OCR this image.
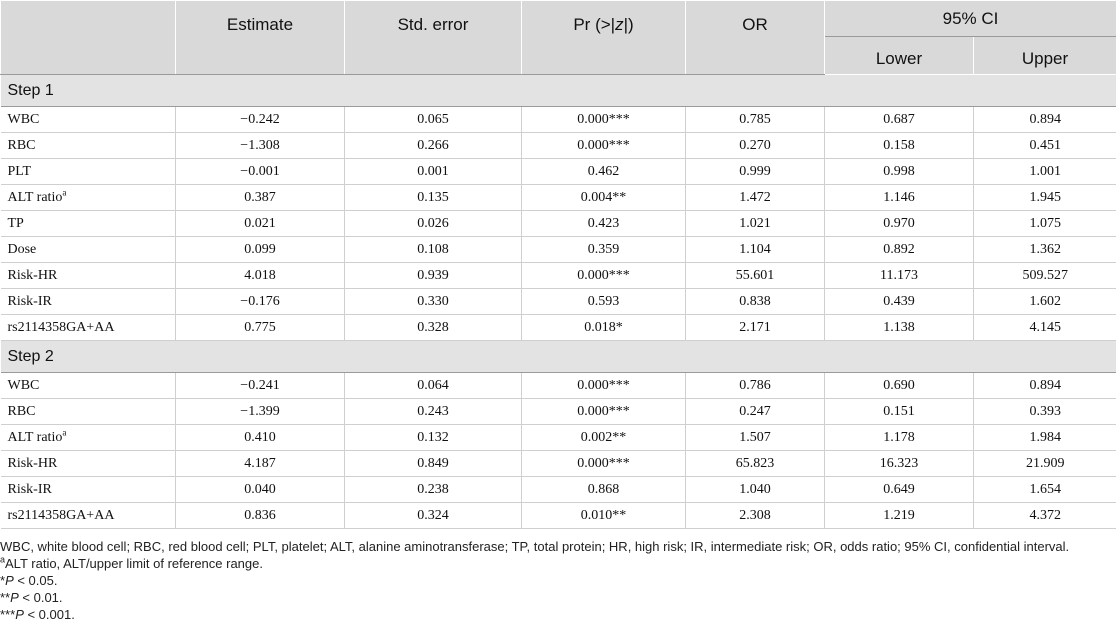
	Estimate	Std. error	Pr (>|z|)	OR	95% CI	
					Lower	Upper
Step 1						
WBC	−0.242	0.065	0.000***	0.785	0.687	0.894
RBC	−1.308	0.266	0.000***	0.270	0.158	0.451
PLT	−0.001	0.001	0.462	0.999	0.998	1.001
ALT ratio$^a$	0.387	0.135	0.004**	1.472	1.146	1.945
TP	0.021	0.026	0.423	1.021	0.970	1.075
Dose	0.099	0.108	0.359	1.104	0.892	1.362
Risk-HR	4.018	0.939	0.000***	55.601	11.173	509.527
Risk-IR	−0.176	0.330	0.593	0.838	0.439	1.602
rs2114358GA+AA	0.775	0.328	0.018*	2.171	1.138	4.145
Step 2						
WBC	−0.241	0.064	0.000***	0.786	0.690	0.894
RBC	−1.399	0.243	0.000***	0.247	0.151	0.393
ALT ratio$^a$	0.410	0.132	0.002**	1.507	1.178	1.984
Risk-HR	4.187	0.849	0.000***	65.823	16.323	21.909
Risk-IR	0.040	0.238	0.868	1.040	0.649	1.654
rs2114358GA+AA	0.836	0.324	0.010**	2.308	1.219	4.372

WBC, white blood cell; RBC, red blood cell; PLT, platelet; ALT, alanine aminotransferase; TP, total protein; HR, high risk; IR, intermediate risk; OR, odds ratio; 95% CI, confidential interval.

$^a$ALT ratio, ALT/upper limit of reference range.

*P < 0.05.

**P < 0.01.

***P < 0.001.
